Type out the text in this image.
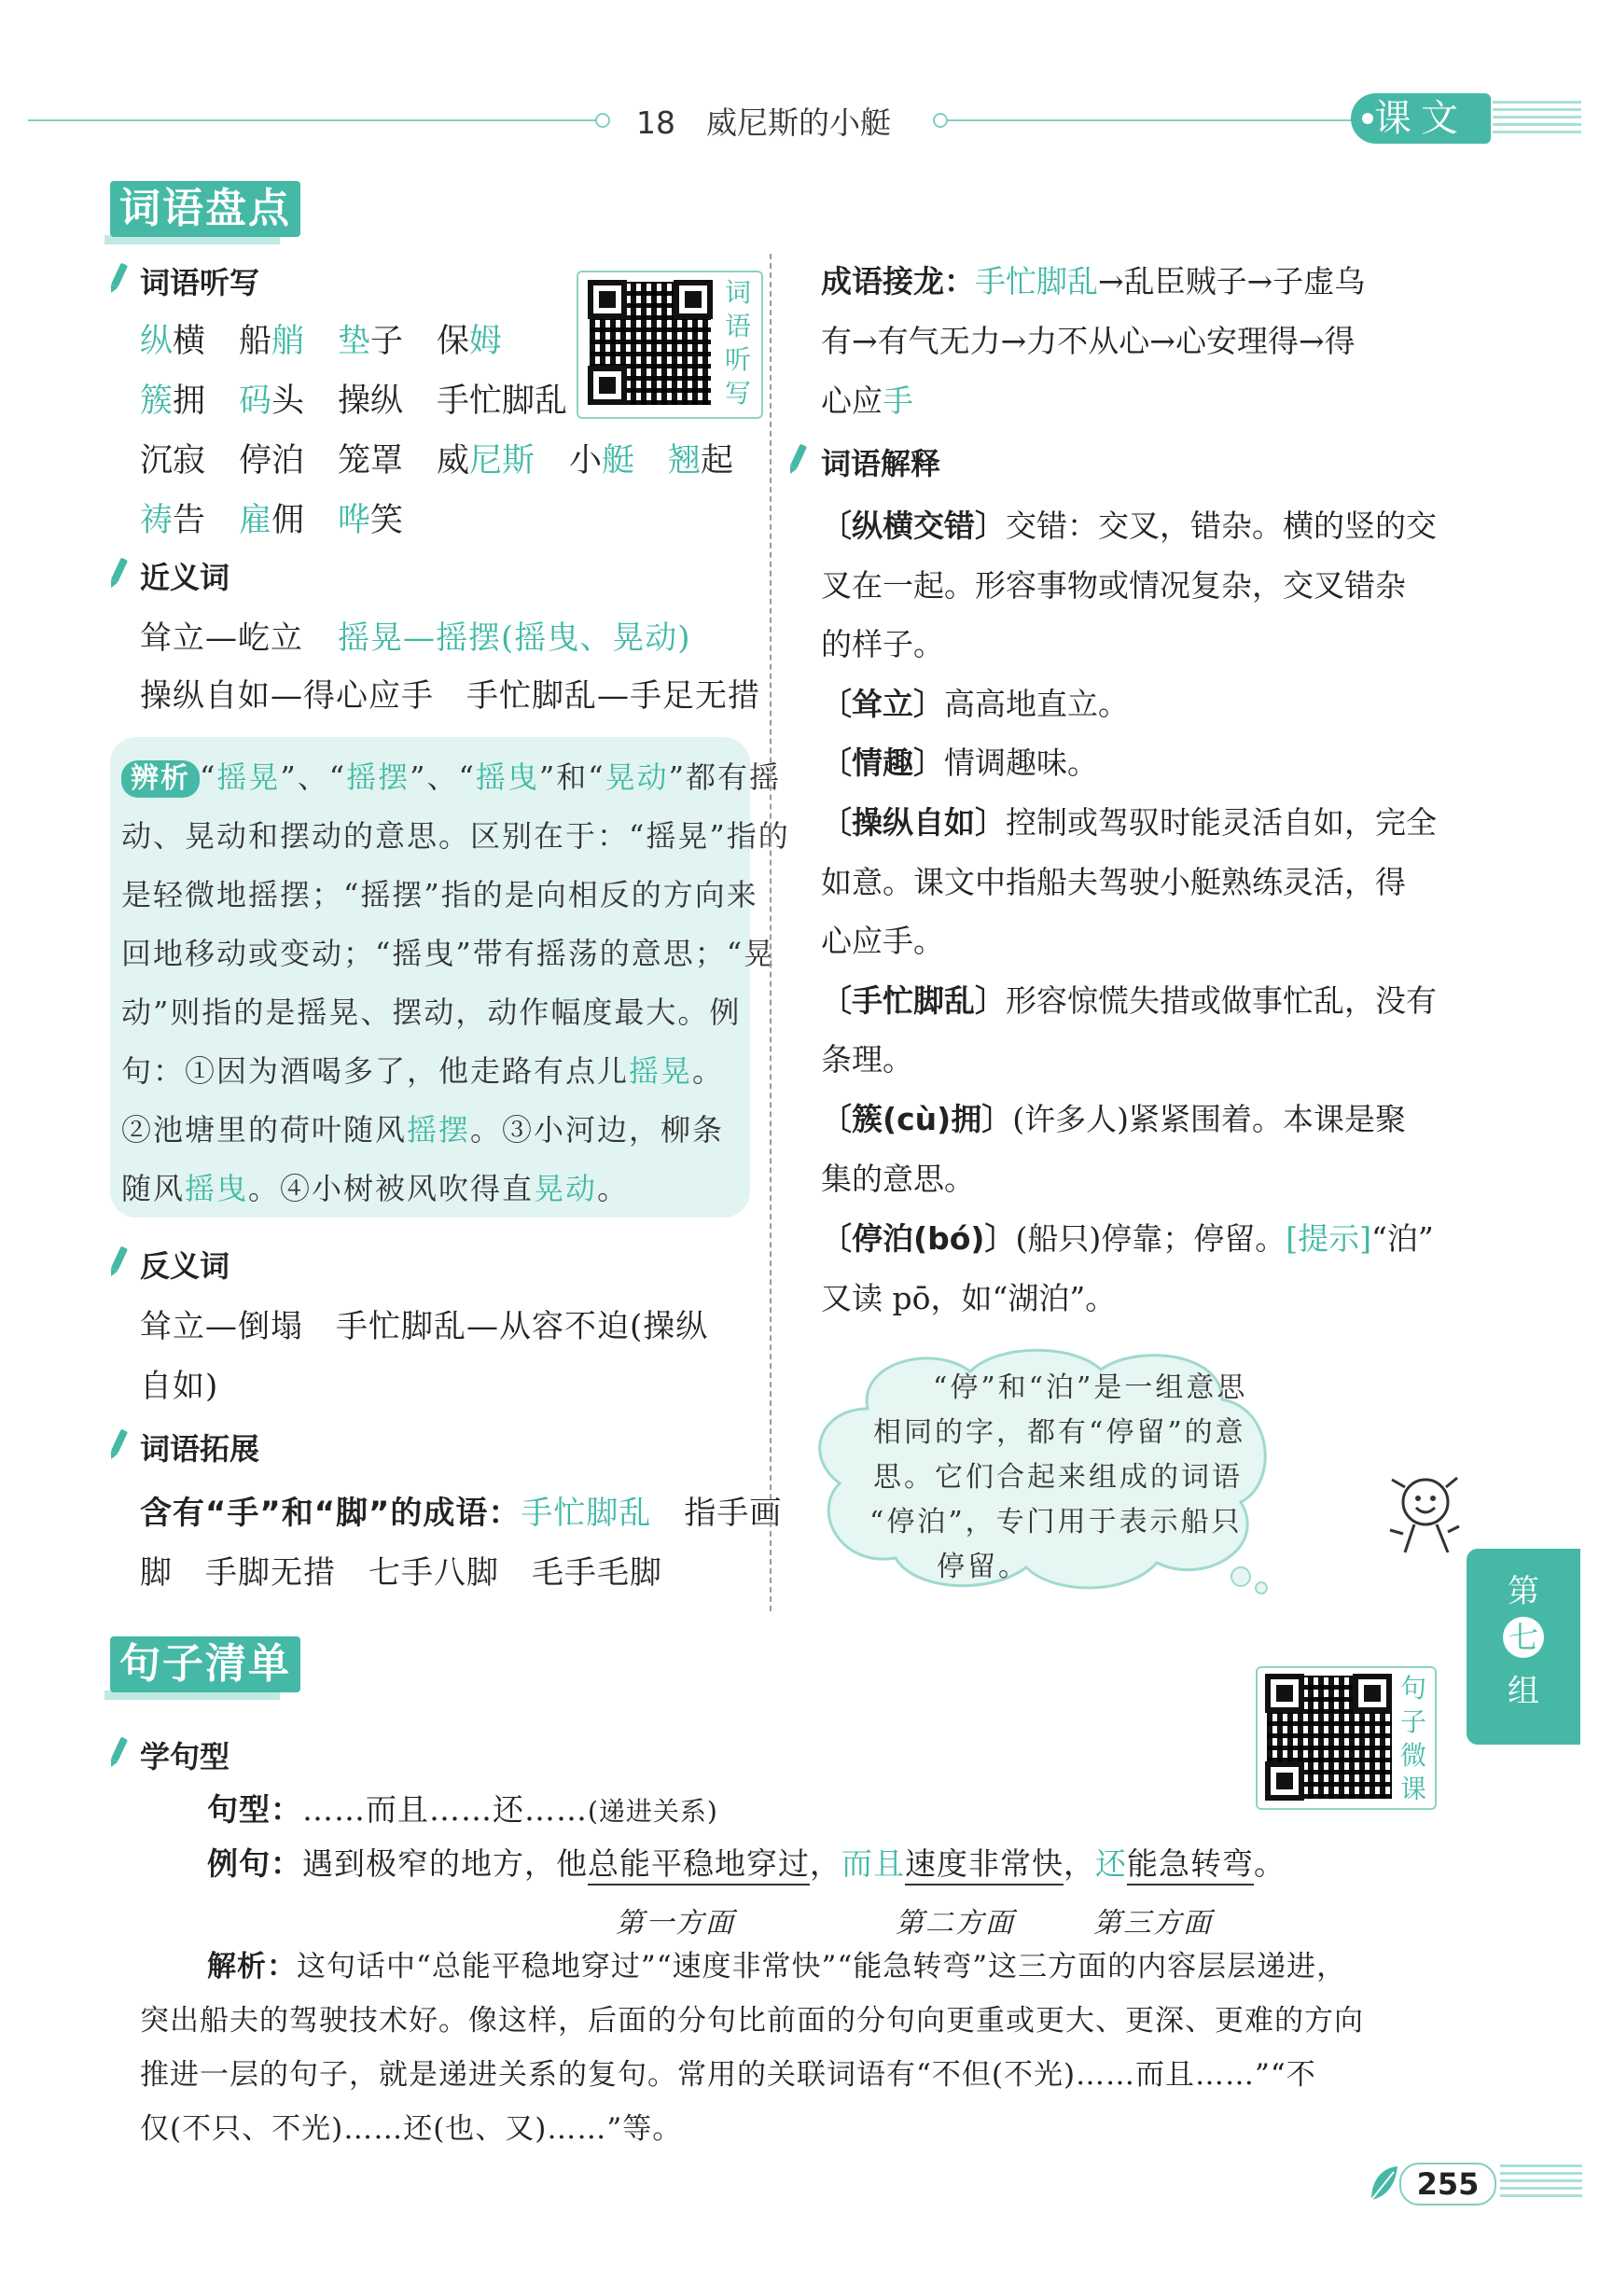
18　威尼斯的小艇	课文
词语盘点
词语听写
纵横 船艄 垫子 保姆
簇拥 码头 操纵 手忙脚乱
沉寂 停泊 笼罩 威尼斯 小艇 翘起
祷告 雇佣 哗笑
词
语
听
写
近义词
耸立—屹立 摇晃—摇摆(摇曳、晃动)
操纵自如—得心应手　手忙脚乱—手足无措
辨析 “摇晃”、“摇摆”、“摇曳”和“晃动”都有摇
动、晃动和摆动的意思。区别在于：“摇晃”指的
是轻微地摇摆；“摇摆”指的是向相反的方向来
回地移动或变动；“摇曳”带有摇荡的意思；“晃
动”则指的是摇晃、摆动，动作幅度最大。例
句：①因为酒喝多了，他走路有点儿摇晃。
②池塘里的荷叶随风摇摆。③小河边，柳条
随风摇曳。④小树被风吹得直晃动。
反义词
耸立—倒塌　手忙脚乱—从容不迫(操纵
自如)
词语拓展
含有“手”和“脚”的成语：手忙脚乱　指手画
脚　手脚无措　七手八脚　毛手毛脚
成语接龙：手忙脚乱→乱臣贼子→子虚乌
有→有气无力→力不从心→心安理得→得
心应手
词语解释
〔纵横交错〕交错：交叉，错杂。横的竖的交
叉在一起。形容事物或情况复杂，交叉错杂
的样子。
〔耸立〕高高地直立。
〔情趣〕情调趣味。
〔操纵自如〕控制或驾驭时能灵活自如，完全
如意。课文中指船夫驾驶小艇熟练灵活，得
心应手。
〔手忙脚乱〕形容惊慌失措或做事忙乱，没有
条理。
〔簇(cù)拥〕(许多人)紧紧围着。本课是聚
集的意思。
〔停泊(bó)〕(船只)停靠；停留。[提示]“泊”
又读 pō，如“湖泊”。
“停”和“泊”是一组意思
相同的字，都有“停留”的意
思。它们合起来组成的词语
“停泊”，专门用于表示船只
停留。
第
七
组
句子清单
学句型
句
子
微
课
句型：……而且……还……(递进关系)
例句：遇到极窄的地方，他总能平稳地穿过，而且速度非常快，还能急转弯。
第一方面	第二方面	第三方面
解析：这句话中“总能平稳地穿过”“速度非常快”“能急转弯”这三方面的内容层层递进，
突出船夫的驾驶技术好。像这样，后面的分句比前面的分句向更重或更大、更深、更难的方向
推进一层的句子，就是递进关系的复句。常用的关联词语有“不但(不光)……而且……”“不
仅(不只、不光)……还(也、又)……”等。
255
